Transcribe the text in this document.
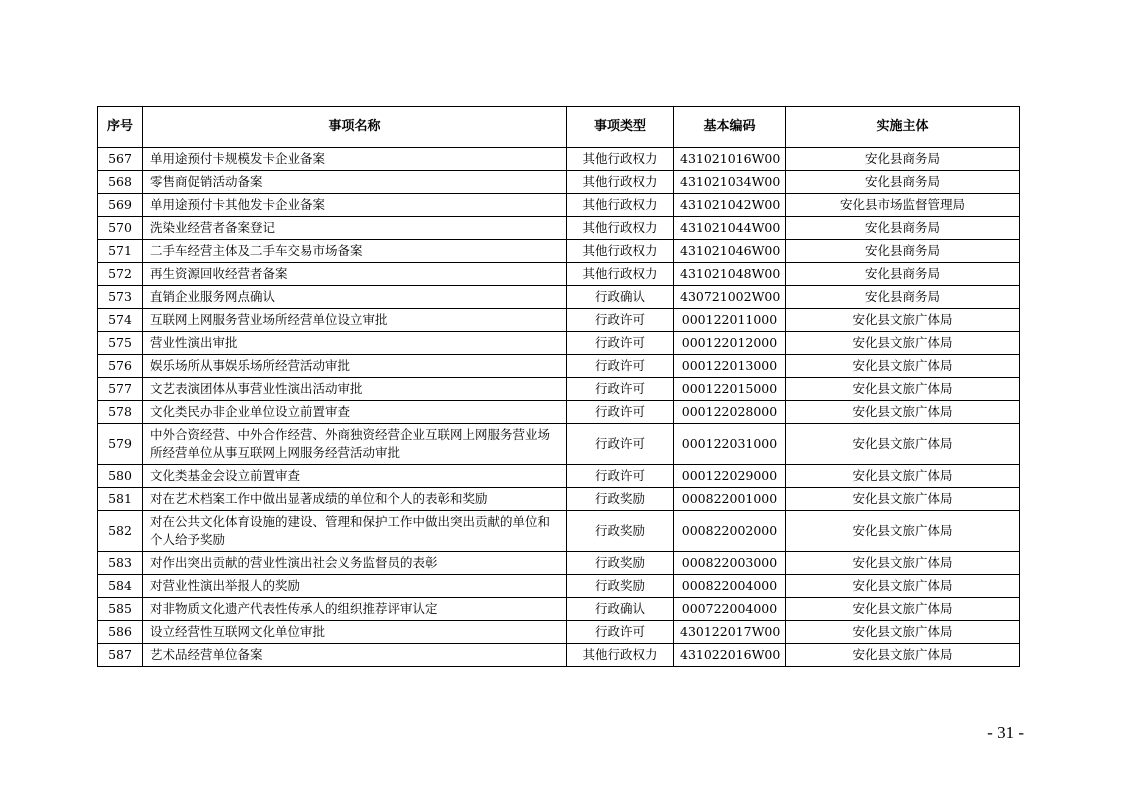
序号	事项名称	事项类型	基本编码	实施主体
567	单用途预付卡规模发卡企业备案	其他行政权力	431021016W00	安化县商务局
568	零售商促销活动备案	其他行政权力	431021034W00	安化县商务局
569	单用途预付卡其他发卡企业备案	其他行政权力	431021042W00	安化县市场监督管理局
570	洗染业经营者备案登记	其他行政权力	431021044W00	安化县商务局
571	二手车经营主体及二手车交易市场备案	其他行政权力	431021046W00	安化县商务局
572	再生资源回收经营者备案	其他行政权力	431021048W00	安化县商务局
573	直销企业服务网点确认	行政确认	430721002W00	安化县商务局
574	互联网上网服务营业场所经营单位设立审批	行政许可	000122011000	安化县文旅广体局
575	营业性演出审批	行政许可	000122012000	安化县文旅广体局
576	娱乐场所从事娱乐场所经营活动审批	行政许可	000122013000	安化县文旅广体局
577	文艺表演团体从事营业性演出活动审批	行政许可	000122015000	安化县文旅广体局
578	文化类民办非企业单位设立前置审查	行政许可	000122028000	安化县文旅广体局
579	中外合资经营、中外合作经营、外商独资经营企业互联网上网服务营业场所经营单位从事互联网上网服务经营活动审批	行政许可	000122031000	安化县文旅广体局
580	文化类基金会设立前置审查	行政许可	000122029000	安化县文旅广体局
581	对在艺术档案工作中做出显著成绩的单位和个人的表彰和奖励	行政奖励	000822001000	安化县文旅广体局
582	对在公共文化体育设施的建设、管理和保护工作中做出突出贡献的单位和个人给予奖励	行政奖励	000822002000	安化县文旅广体局
583	对作出突出贡献的营业性演出社会义务监督员的表彰	行政奖励	000822003000	安化县文旅广体局
584	对营业性演出举报人的奖励	行政奖励	000822004000	安化县文旅广体局
585	对非物质文化遗产代表性传承人的组织推荐评审认定	行政确认	000722004000	安化县文旅广体局
586	设立经营性互联网文化单位审批	行政许可	430122017W00	安化县文旅广体局
587	艺术品经营单位备案	其他行政权力	431022016W00	安化县文旅广体局
- 31 -
